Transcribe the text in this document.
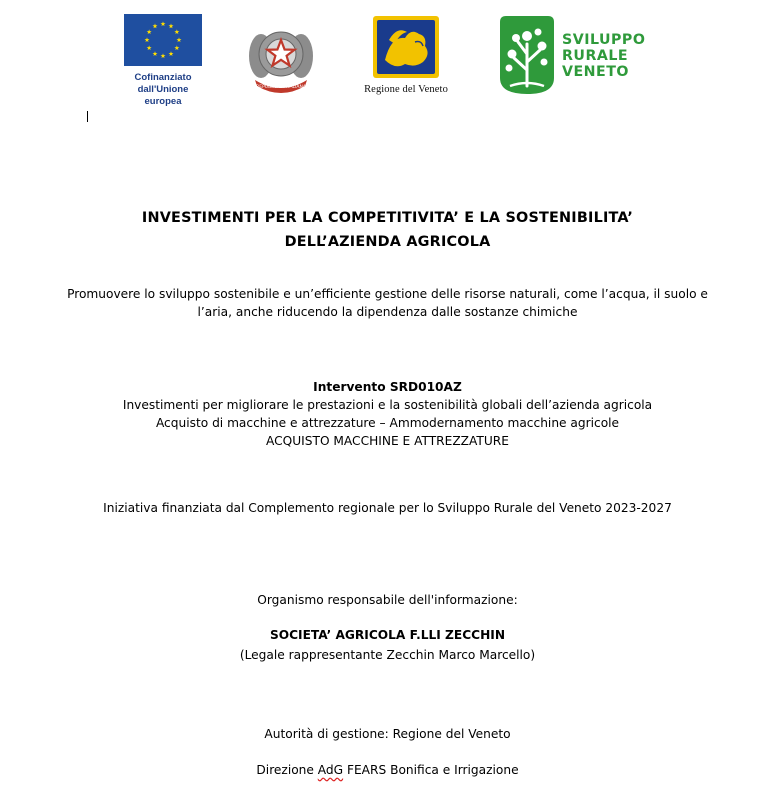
Cofinanziato
dall'Unione europea
REPUBBLICA ITALIANA	Regione del Veneto
SVILUPPO
RURALE
VENETO
INVESTIMENTI PER LA COMPETITIVITA’ E LA SOSTENIBILITA’
DELL’AZIENDA AGRICOLA
Promuovere lo sviluppo sostenibile e un’efficiente gestione delle risorse naturali, come l’acqua, il suolo e
l’aria, anche riducendo la dipendenza dalle sostanze chimiche
Intervento SRD010AZ
Investimenti per migliorare le prestazioni e la sostenibilità globali dell’azienda agricola
Acquisto di macchine e attrezzature – Ammodernamento macchine agricole
ACQUISTO MACCHINE E ATTREZZATURE
Iniziativa finanziata dal Complemento regionale per lo Sviluppo Rurale del Veneto 2023-2027
Organismo responsabile dell'informazione:
SOCIETA’ AGRICOLA F.LLI ZECCHIN
(Legale rappresentante Zecchin Marco Marcello)
Autorità di gestione: Regione del Veneto
Direzione AdG FEARS Bonifica e Irrigazione
